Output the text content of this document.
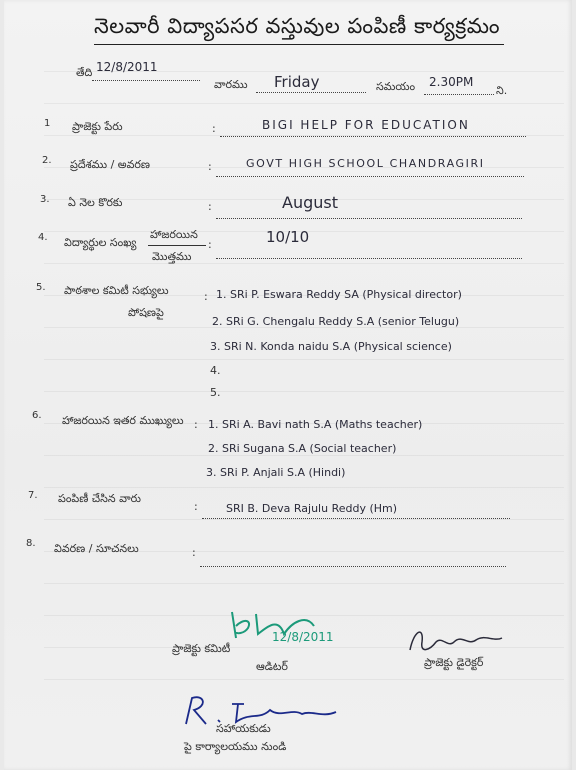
నెలవారీ విద్యాపసర వస్తువుల పంపిణీ కార్యక్రమం
తేది 12/8/2011
వారము Friday	సమయం 2.30PM
ని.
1 ప్రాజెక్టు పేరు	:	BIGI HELP FOR EDUCATION
2. ప్రదేశము / అవరణ	:	GOVT HIGH SCHOOL CHANDRAGIRI
3. ఏ నెల కొరకు	:	August
4. విద్యార్థుల సంఖ్య
హాజరయిన
మొత్తము
:	10/10
5. పాఠశాల కమిటీ సభ్యులు
పోషణపై
: 1. SRi P. Eswara Reddy SA (Physical director)
2. SRi G. Chengalu Reddy S.A (senior Telugu)
3. SRi N. Konda naidu S.A (Physical science)
4.
5.
6. హాజరయిన ఇతర ముఖ్యులు : 1. SRi A. Bavi nath S.A (Maths teacher)
2. SRi Sugana S.A (Social teacher)
3. SRi P. Anjali S.A (Hindi)
7. పంపిణీ చేసిన వారు
:	SRI B. Deva Rajulu Reddy (Hm)
8. వివరణ / సూచనలు	:
12/8/2011
ప్రాజెక్టు కమిటీ
ఆడిటర్	ప్రాజెక్టు డైరెక్టర్
సహాయకుడు
పై కార్యాలయము నుండి
